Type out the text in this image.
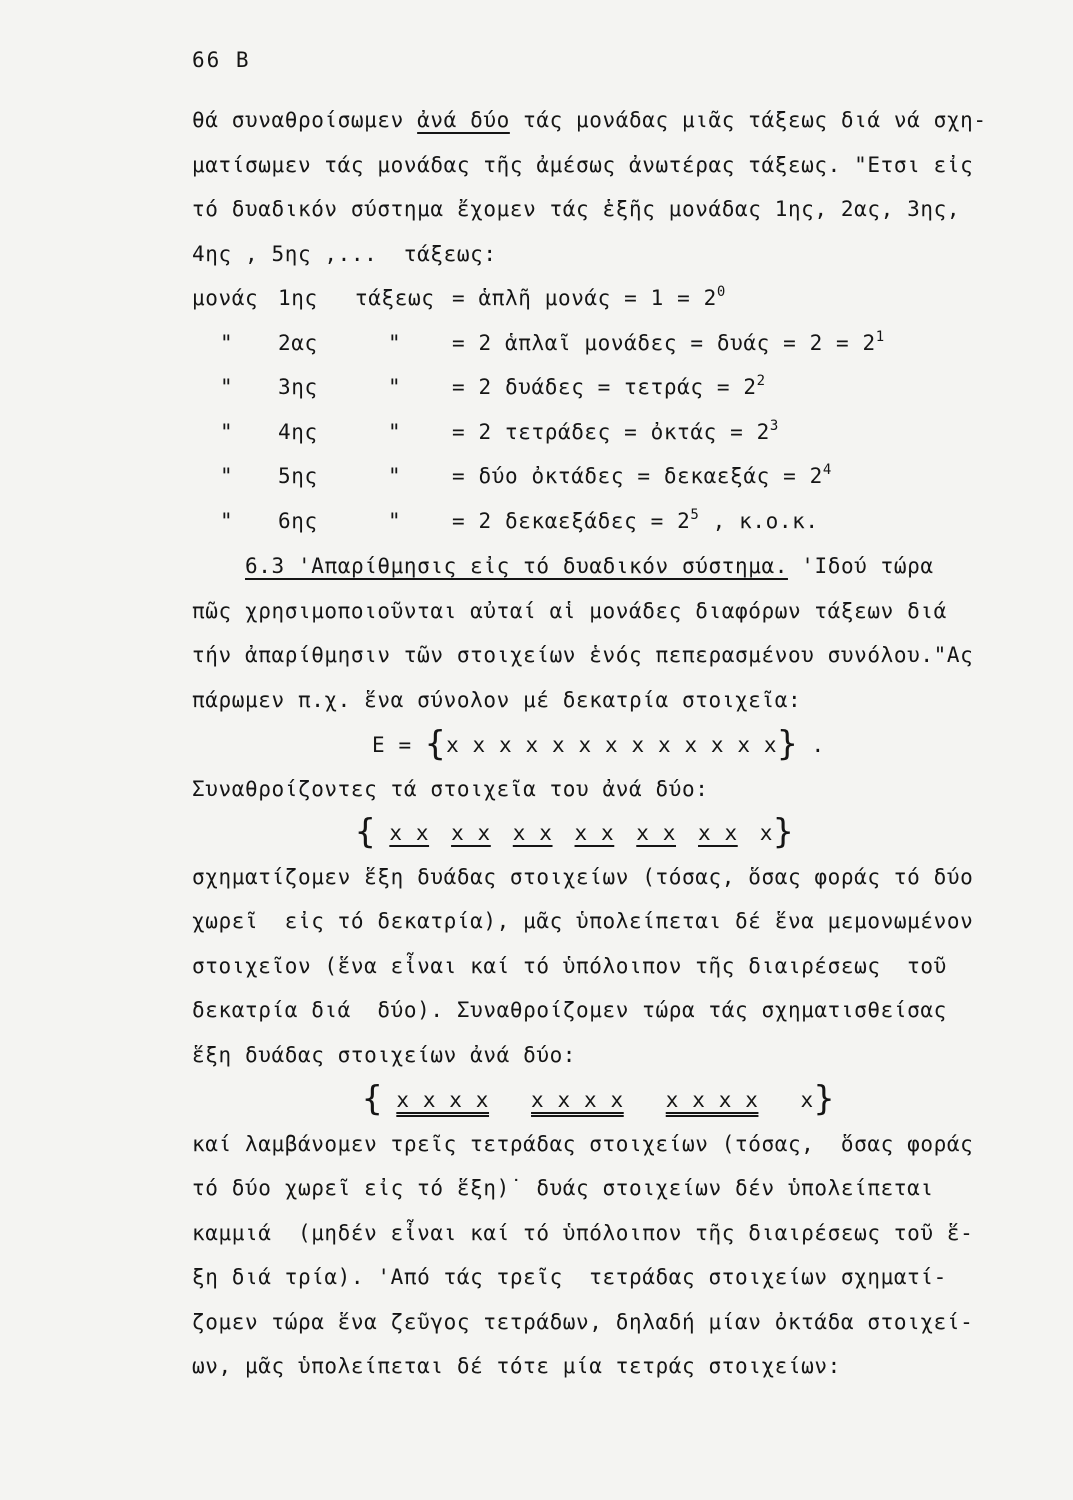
66 B
θά συναθροίσωμεν ἀνά δύο τάς μονάδας μιᾶς τάξεως διά νά σχη-
ματίσωμεν τάς μονάδας τῆς ἀμέσως ἀνωτέρας τάξεως. "Ετσι εἰς
τό δυαδικόν σύστημα ἔχομεν τάς ἑξῆς μονάδας 1ης, 2ας, 3ης,
4ης , 5ης ,...  τάξεως:
μονάς 1ης τάξεως = ἁπλῆ $\mu o\nu ά\varsigma = 1 = 2^0$
" 2ας	" = 2 ἁπλαῖ $\mu o\nu ά\delta\varepsilon\varsigma = \delta\upsilon ά\varsigma = 2 = 2^1$
" 3ης	" = 2 $\delta\upsilon ά\delta\varepsilon\varsigma = \tau\varepsilon\tau\rho ά\varsigma = 2^2$
" 4ης	" = 2 τετράδες = ὀκτάς = $2^3$
" 5ης	" = δύο ὀκτάδες = $\delta\varepsilon\kappa\alpha\varepsilon\xi ά\varsigma = 2^4$
" 6ης	" = 2 $\delta\varepsilon\kappa\alpha\varepsilon\xi ά\delta\varepsilon\varsigma = 2^5$ , κ.ο.κ.
6.3 'Απαρίθμησις εἰς τό δυαδικόν σύστημα. 'Ιδού τώρα
πῶς χρησιμοποιοῦνται αὐταί αἱ μονάδες διαφόρων τάξεων διά
τήν ἀπαρίθμησιν τῶν στοιχείων ἑνός πεπερασμένου συνόλου."Ας
πάρωμεν π.χ. ἕνα σύνολον μέ δεκατρία στοιχεῖα:
E = {x x x x x x x x x x x x x} .
Συναθροίζοντες τά στοιχεῖα του ἀνά δύο:
{ x x x x x x x x x x x x x}
σχηματίζομεν ἕξη δυάδας στοιχείων (τόσας, ὅσας φοράς τό δύο
χωρεῖ  εἰς τό δεκατρία), μᾶς ὑπολείπεται δέ ἕνα μεμονωμένον
στοιχεῖον (ἕνα εἶναι καί τό ὑπόλοιπον τῆς διαιρέσεως  τοῦ
δεκατρία διά  δύο). Συναθροίζομεν τώρα τάς σχηματισθείσας
ἕξη δυάδας στοιχείων ἀνά δύο:
{ x x x x x x x x x x x x x}
καί λαμβάνομεν τρεῖς τετράδας στοιχείων (τόσας,  ὅσας φοράς
τό δύο χωρεῖ εἰς τό ἕξη)˙ δυάς στοιχείων δέν ὑπολείπεται
καμμιά  (μηδέν εἶναι καί τό ὑπόλοιπον τῆς διαιρέσεως τοῦ ἕ-
ξη διά τρία). 'Από τάς τρεῖς  τετράδας στοιχείων σχηματί-
ζομεν τώρα ἕνα ζεῦγος τετράδων, δηλαδή μίαν ὀκτάδα στοιχεί-
ων, μᾶς ὑπολείπεται δέ τότε μία τετράς στοιχείων:
